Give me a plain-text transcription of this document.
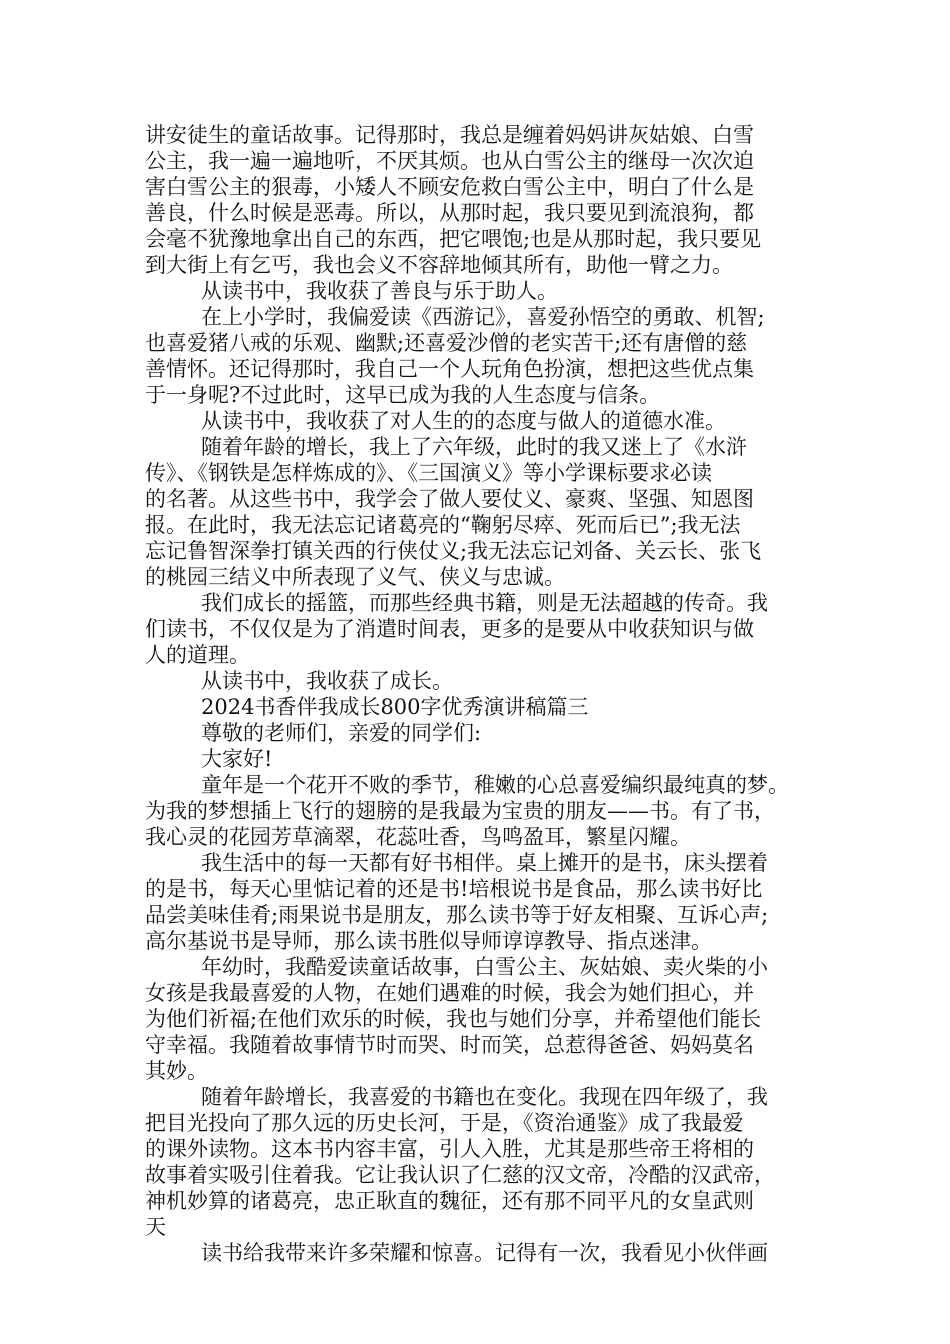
讲安徒生的童话故事。记得那时，我总是缠着妈妈讲灰姑娘、白雪
公主，我一遍一遍地听，不厌其烦。也从白雪公主的继母一次次迫
害白雪公主的狠毒，小矮人不顾安危救白雪公主中，明白了什么是
善良，什么时候是恶毒。所以，从那时起，我只要见到流浪狗，都
会毫不犹豫地拿出自己的东西，把它喂饱;也是从那时起，我只要见
到大街上有乞丐，我也会义不容辞地倾其所有，助他一臂之力。
从读书中，我收获了善良与乐于助人。
在上小学时，我偏爱读《西游记》，喜爱孙悟空的勇敢、机智;
也喜爱猪八戒的乐观、幽默;还喜爱沙僧的老实苦干;还有唐僧的慈
善情怀。还记得那时，我自己一个人玩角色扮演，想把这些优点集
于一身呢?不过此时，这早已成为我的人生态度与信条。
从读书中，我收获了对人生的的态度与做人的道德水准。
随着年龄的增长，我上了六年级，此时的我又迷上了《水浒
传》、《钢铁是怎样炼成的》、《三国演义》等小学课标要求必读
的名著。从这些书中，我学会了做人要仗义、豪爽、坚强、知恩图
报。在此时，我无法忘记诸葛亮的“鞠躬尽瘁、死而后已”;我无法
忘记鲁智深拳打镇关西的行侠仗义;我无法忘记刘备、关云长、张飞
的桃园三结义中所表现了义气、侠义与忠诚。
我们成长的摇篮，而那些经典书籍，则是无法超越的传奇。我
们读书，不仅仅是为了消遣时间表，更多的是要从中收获知识与做
人的道理。
从读书中，我收获了成长。
2024书香伴我成长800字优秀演讲稿篇三
尊敬的老师们，亲爱的同学们:
大家好!
童年是一个花开不败的季节，稚嫩的心总喜爱编织最纯真的梦。
为我的梦想插上飞行的翅膀的是我最为宝贵的朋友——书。有了书，
我心灵的花园芳草滴翠，花蕊吐香，鸟鸣盈耳，繁星闪耀。
我生活中的每一天都有好书相伴。桌上摊开的是书，床头摆着
的是书，每天心里惦记着的还是书!培根说书是食品，那么读书好比
品尝美味佳肴;雨果说书是朋友，那么读书等于好友相聚、互诉心声;
高尔基说书是导师，那么读书胜似导师谆谆教导、指点迷津。
年幼时，我酷爱读童话故事，白雪公主、灰姑娘、卖火柴的小
女孩是我最喜爱的人物，在她们遇难的时候，我会为她们担心，并
为他们祈福;在他们欢乐的时候，我也与她们分享，并希望他们能长
守幸福。我随着故事情节时而哭、时而笑，总惹得爸爸、妈妈莫名
其妙。
随着年龄增长，我喜爱的书籍也在变化。我现在四年级了，我
把目光投向了那久远的历史长河，于是，《资治通鉴》成了我最爱
的课外读物。这本书内容丰富，引人入胜，尤其是那些帝王将相的
故事着实吸引住着我。它让我认识了仁慈的汉文帝，冷酷的汉武帝，
神机妙算的诸葛亮，忠正耿直的魏征，还有那不同平凡的女皇武则
天
读书给我带来许多荣耀和惊喜。记得有一次，我看见小伙伴画
